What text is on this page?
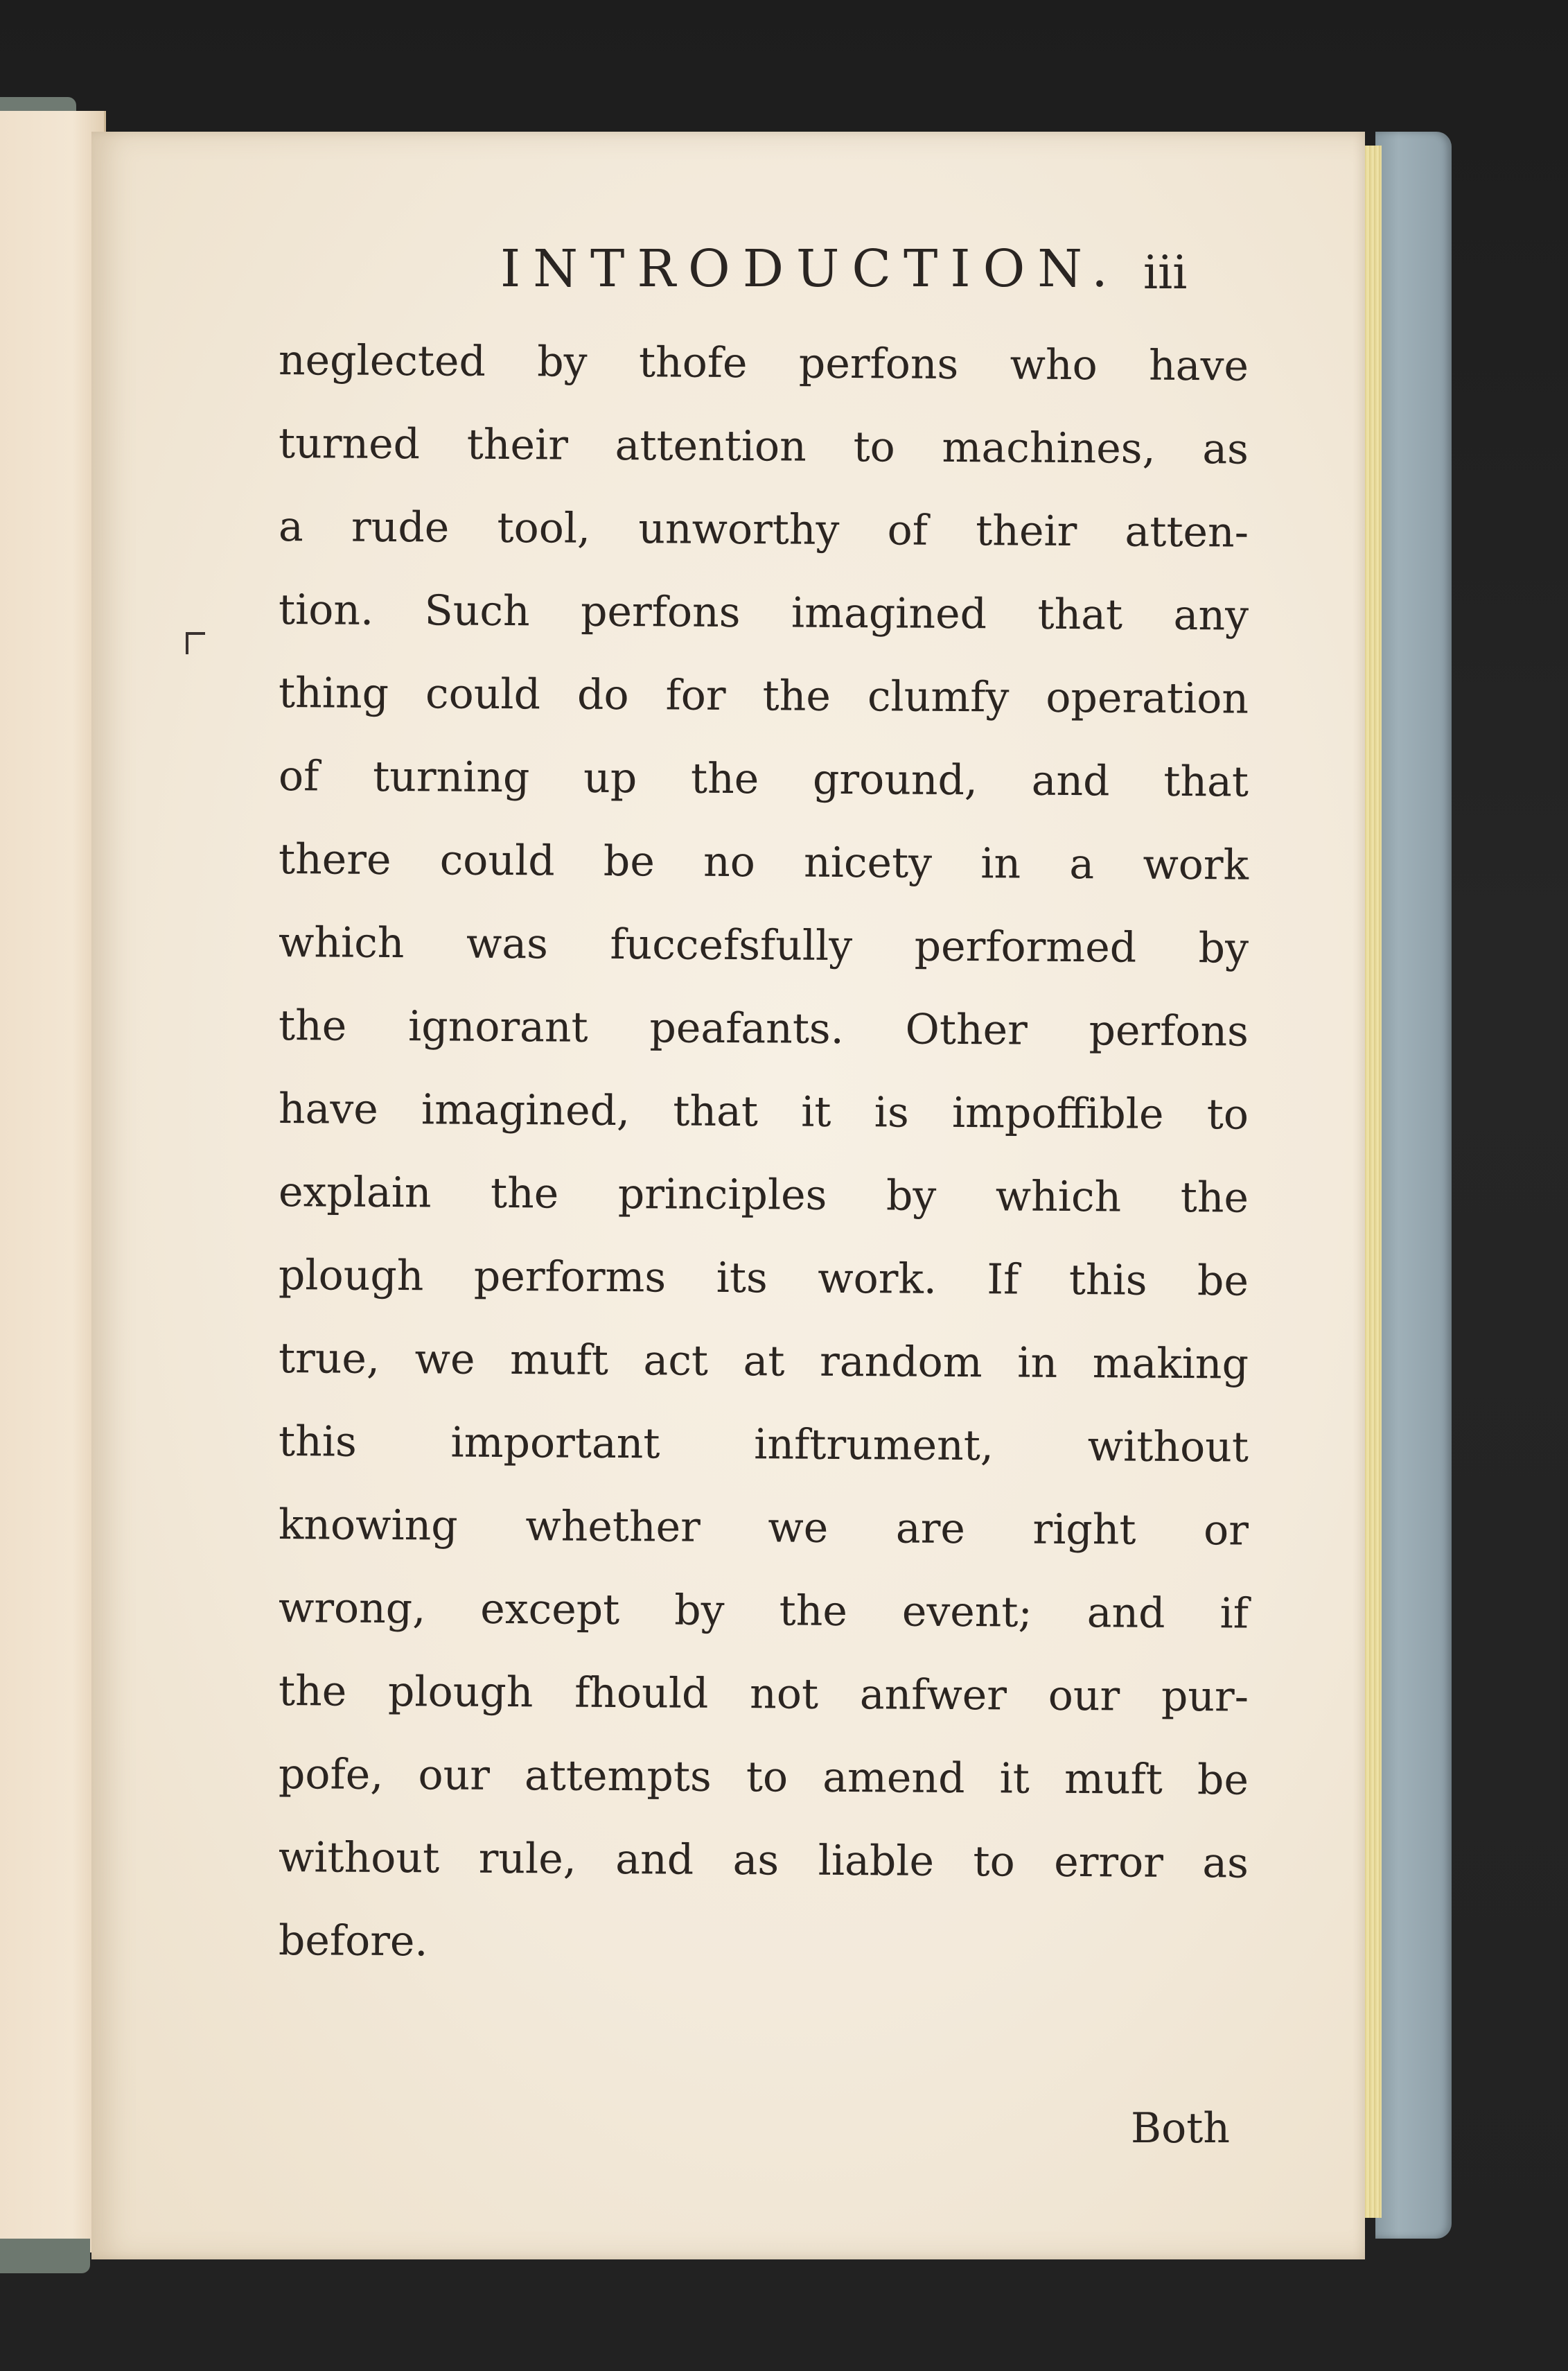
INTRODUCTION. iii
neglected by thofe perfons who have
turned their attention to machines, as
a rude tool, unworthy of their atten-
tion. Such perfons imagined that any
thing could do for the clumfy operation
of turning up the ground, and that
there could be no nicety in a work
which was fuccefsfully performed by
the ignorant peafants. Other perfons
have imagined, that it is impoffible to
explain the principles by which the
plough performs its work. If this be
true, we muft act at random in making
this important inftrument, without
knowing whether we are right or
wrong, except by the event; and if
the plough fhould not anfwer our pur-
pofe, our attempts to amend it muft be
without rule, and as liable to error as
before.
Both
